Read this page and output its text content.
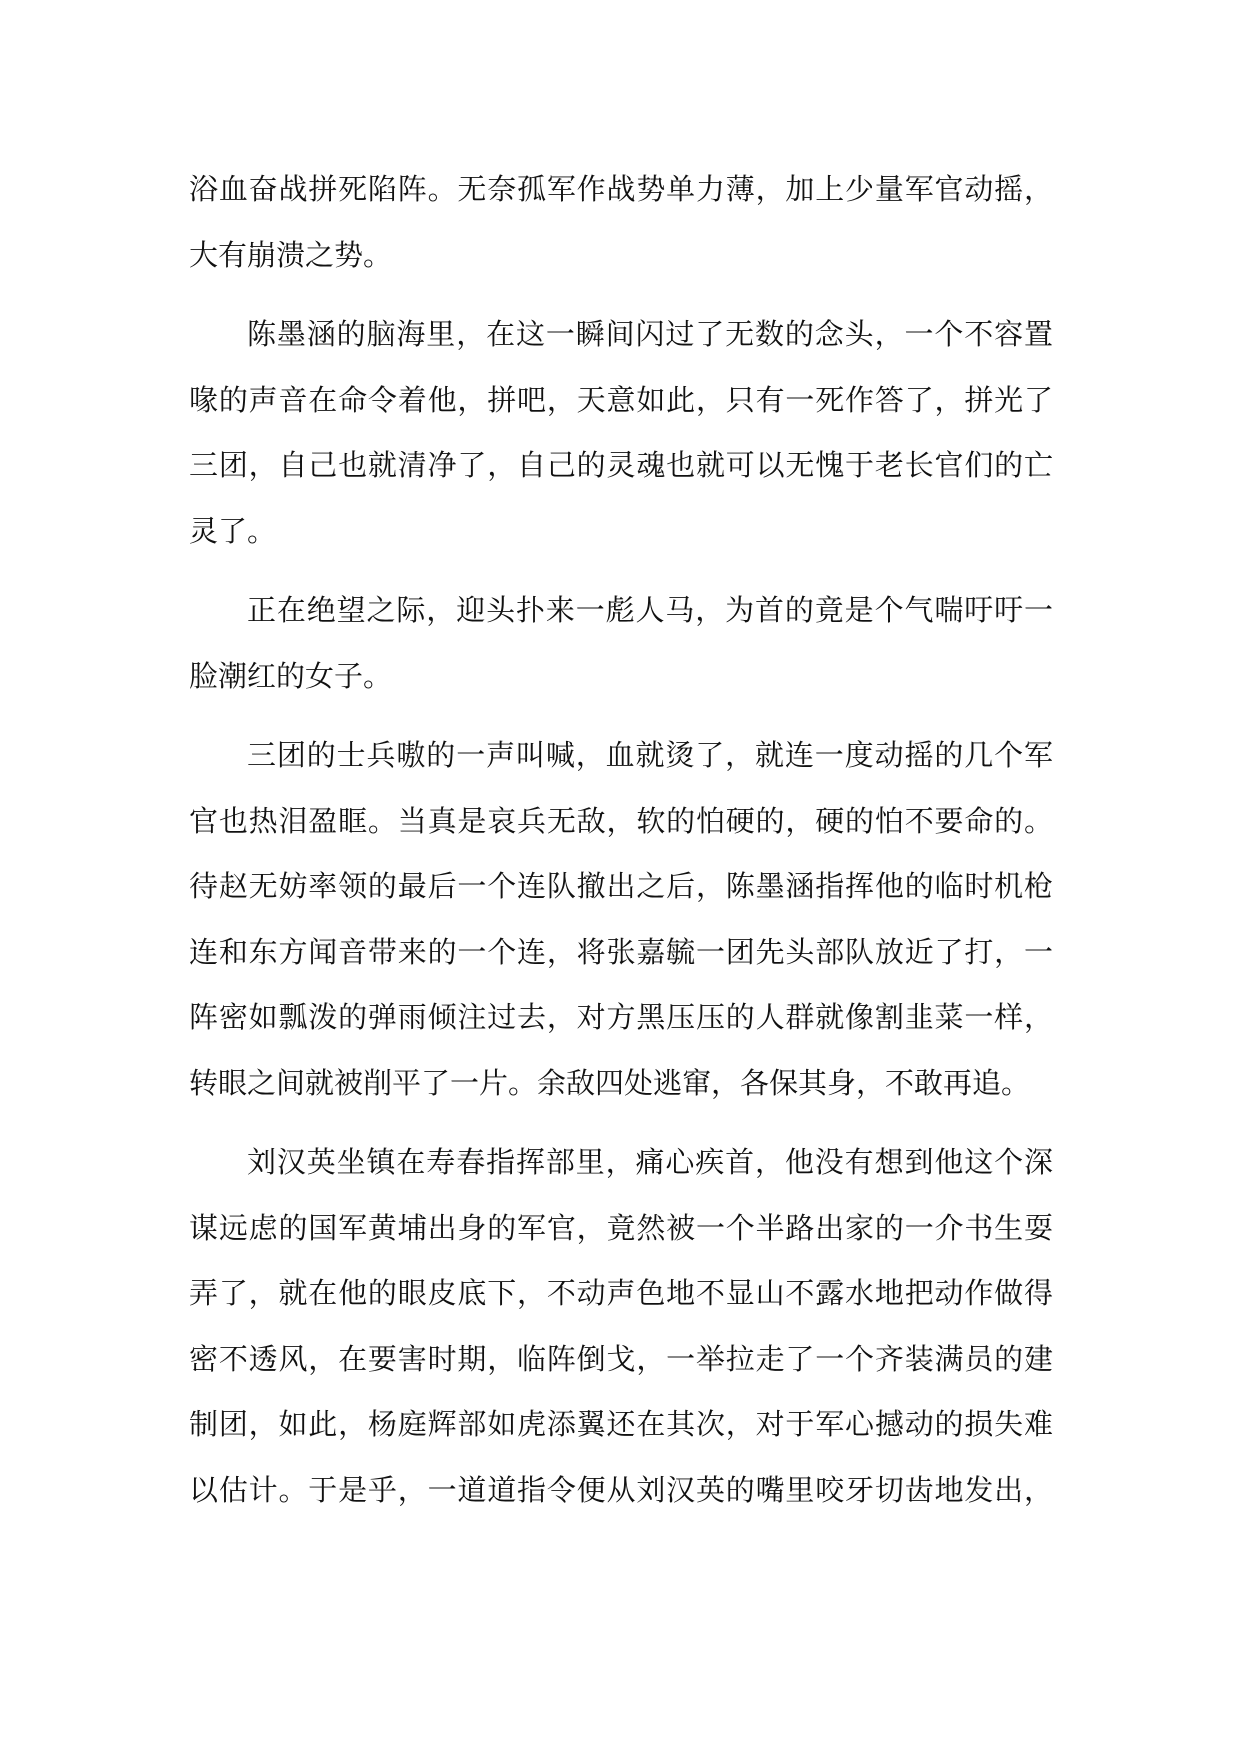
浴血奋战拼死陷阵。无奈孤军作战势单力薄，加上少量军官动摇，
大有崩溃之势。

陈墨涵的脑海里，在这一瞬间闪过了无数的念头，一个不容置
喙的声音在命令着他，拼吧，天意如此，只有一死作答了，拼光了
三团，自己也就清净了，自己的灵魂也就可以无愧于老长官们的亡
灵了。

正在绝望之际，迎头扑来一彪人马，为首的竟是个气喘吁吁一
脸潮红的女子。

三团的士兵嗷的一声叫喊，血就烫了，就连一度动摇的几个军
官也热泪盈眶。当真是哀兵无敌，软的怕硬的，硬的怕不要命的。
待赵无妨率领的最后一个连队撤出之后，陈墨涵指挥他的临时机枪
连和东方闻音带来的一个连，将张嘉毓一团先头部队放近了打，一
阵密如瓢泼的弹雨倾注过去，对方黑压压的人群就像割韭菜一样，
转眼之间就被削平了一片。余敌四处逃窜，各保其身，不敢再追。

刘汉英坐镇在寿春指挥部里，痛心疾首，他没有想到他这个深
谋远虑的国军黄埔出身的军官，竟然被一个半路出家的一介书生耍
弄了，就在他的眼皮底下，不动声色地不显山不露水地把动作做得
密不透风，在要害时期，临阵倒戈，一举拉走了一个齐装满员的建
制团，如此，杨庭辉部如虎添翼还在其次，对于军心撼动的损失难
以估计。于是乎，一道道指令便从刘汉英的嘴里咬牙切齿地发出，
